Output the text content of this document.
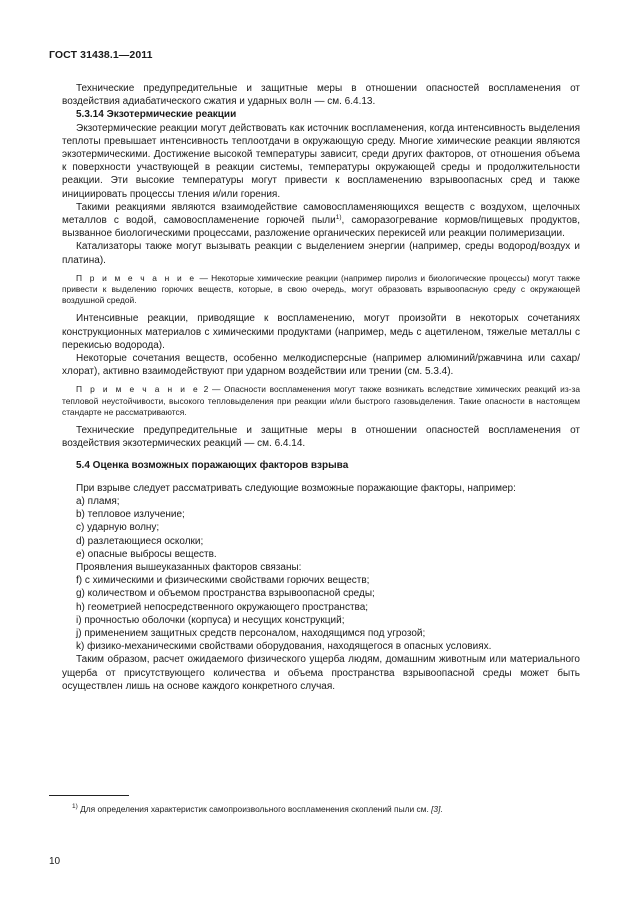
ГОСТ 31438.1—2011

Технические предупредительные и защитные меры в отношении опасностей воспламенения от воздействия адиабатического сжатия и ударных волн — см. 6.4.13.

5.3.14 Экзотермические реакции

Экзотермические реакции могут действовать как источник воспламенения, когда интенсивность выделения теплоты превышает интенсивность теплоотдачи в окружающую среду. Многие химические реакции являются экзотермическими. Достижение высокой температуры зависит, среди других факторов, от отношения объема к поверхности участвующей в реакции системы, температуры окружающей среды и продолжительности реакции. Эти высокие температуры могут привести к воспламенению взрывоопасных сред и также инициировать процессы тления и/или горения.

Такими реакциями являются взаимодействие самовоспламеняющихся веществ с воздухом, щелочных металлов с водой, самовоспламенение горючей пыли$^{1)}$, саморазогревание кормов/пищевых продуктов, вызванное биологическими процессами, разложение органических перекисей или реакции полимеризации.

Катализаторы также могут вызывать реакции с выделением энергии (например, среды водород/воздух и платина).

П р и м е ч а н и е — Некоторые химические реакции (например пиролиз и биологические процессы) могут также привести к выделению горючих веществ, которые, в свою очередь, могут образовать взрывоопасную среду с окружающей воздушной средой.

Интенсивные реакции, приводящие к воспламенению, могут произойти в некоторых сочетаниях конструкционных материалов с химическими продуктами (например, медь с ацетиленом, тяжелые металлы с перекисью водорода).

Некоторые сочетания веществ, особенно мелкодисперсные (например алюминий/ржавчина или сахар/хлорат), активно взаимодействуют при ударном воздействии или трении (см. 5.3.4).

П р и м е ч а н и е 2 — Опасности воспламенения могут также возникать вследствие химических реакций из-за тепловой неустойчивости, высокого тепловыделения при реакции и/или быстрого газовыделения. Такие опасности в настоящем стандарте не рассматриваются.

Технические предупредительные и защитные меры в отношении опасностей воспламенения от воздействия экзотермических реакций — см. 6.4.14.

5.4 Оценка возможных поражающих факторов взрыва

При взрыве следует рассматривать следующие возможные поражающие факторы, например:

а) пламя;

b) тепловое излучение;

с) ударную волну;

d) разлетающиеся осколки;

е) опасные выбросы веществ.

Проявления вышеуказанных факторов связаны:

f) с химическими и физическими свойствами горючих веществ;

g) количеством и объемом пространства взрывоопасной среды;

h) геометрией непосредственного окружающего пространства;

i) прочностью оболочки (корпуса) и несущих конструкций;

j) применением защитных средств персоналом, находящимся под угрозой;

k) физико-механическими свойствами оборудования, находящегося в опасных условиях.

Таким образом, расчет ожидаемого физического ущерба людям, домашним животным или материального ущерба от присутствующего количества и объема пространства взрывоопасной среды может быть осуществлен лишь на основе каждого конкретного случая.

$^{1)}$ Для определения характеристик самопроизвольного воспламенения скоплений пыли см. [3].
10
